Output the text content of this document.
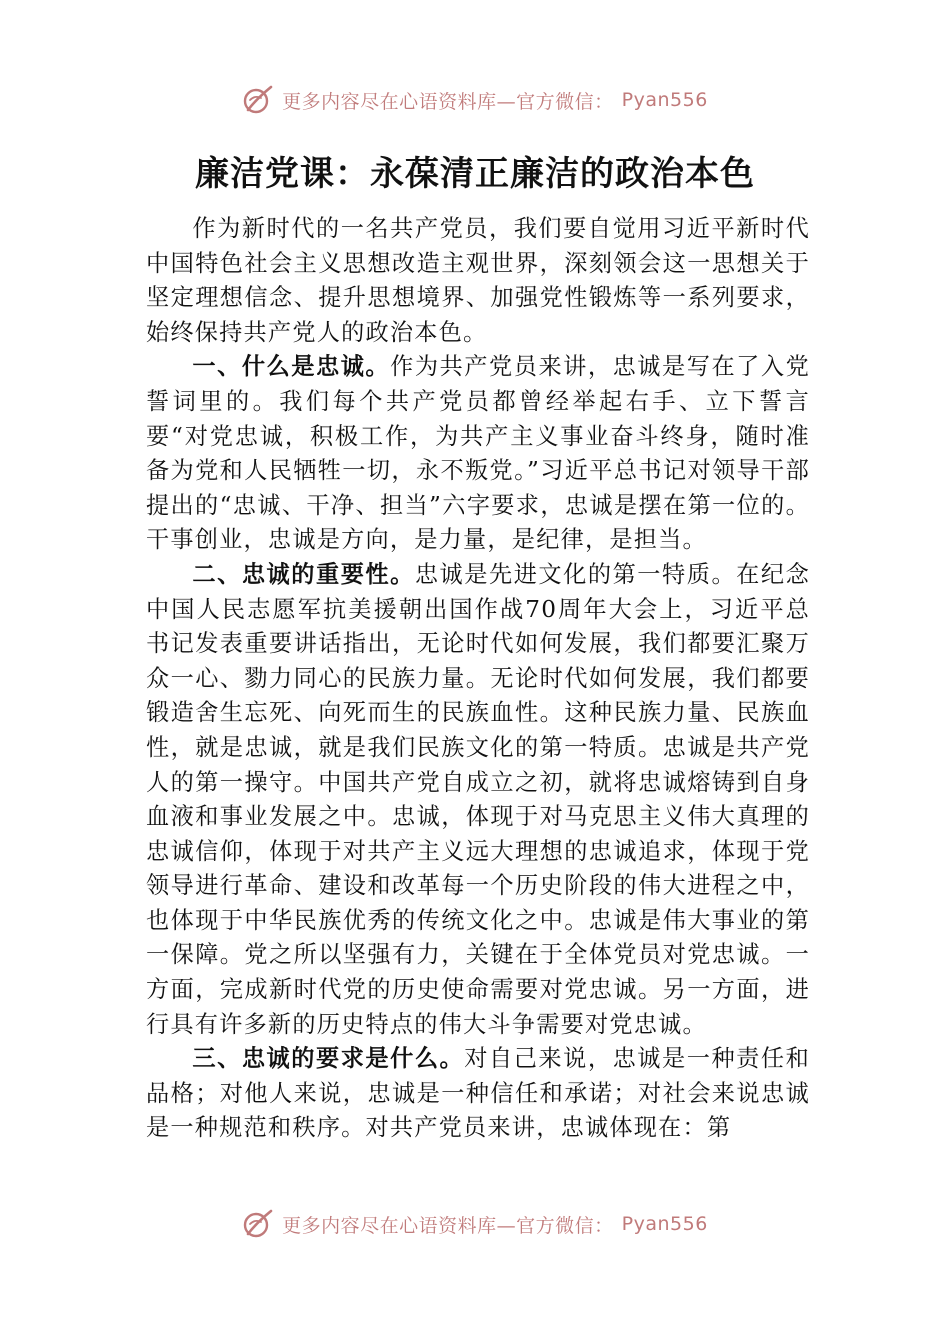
更多内容尽在心语资料库—官方微信： Pyan556
廉洁党课：永葆清正廉洁的政治本色

作为新时代的一名共产党员，我们要自觉用习近平新时代中国特色社会主义思想改造主观世界，深刻领会这一思想关于坚定理想信念、提升思想境界、加强党性锻炼等一系列要求，始终保持共产党人的政治本色。

一、什么是忠诚。作为共产党员来讲，忠诚是写在了入党誓词里的。我们每个共产党员都曾经举起右手、立下誓言要“对党忠诚，积极工作，为共产主义事业奋斗终身，随时准备为党和人民牺牲一切，永不叛党。”习近平总书记对领导干部提出的“忠诚、干净、担当”六字要求，忠诚是摆在第一位的。干事创业，忠诚是方向，是力量，是纪律，是担当。

二、忠诚的重要性。忠诚是先进文化的第一特质。在纪念中国人民志愿军抗美援朝出国作战70周年大会上，习近平总书记发表重要讲话指出，无论时代如何发展，我们都要汇聚万众一心、勠力同心的民族力量。无论时代如何发展，我们都要锻造舍生忘死、向死而生的民族血性。这种民族力量、民族血性，就是忠诚，就是我们民族文化的第一特质。忠诚是共产党人的第一操守。中国共产党自成立之初，就将忠诚熔铸到自身血液和事业发展之中。忠诚，体现于对马克思主义伟大真理的忠诚信仰，体现于对共产主义远大理想的忠诚追求，体现于党领导进行革命、建设和改革每一个历史阶段的伟大进程之中，也体现于中华民族优秀的传统文化之中。忠诚是伟大事业的第一保障。党之所以坚强有力，关键在于全体党员对党忠诚。一方面，完成新时代党的历史使命需要对党忠诚。另一方面，进行具有许多新的历史特点的伟大斗争需要对党忠诚。

三、忠诚的要求是什么。对自己来说，忠诚是一种责任和品格；对他人来说，忠诚是一种信任和承诺；对社会来说忠诚是一种规范和秩序。对共产党员来讲，忠诚体现在：第

更多内容尽在心语资料库—官方微信： Pyan556
